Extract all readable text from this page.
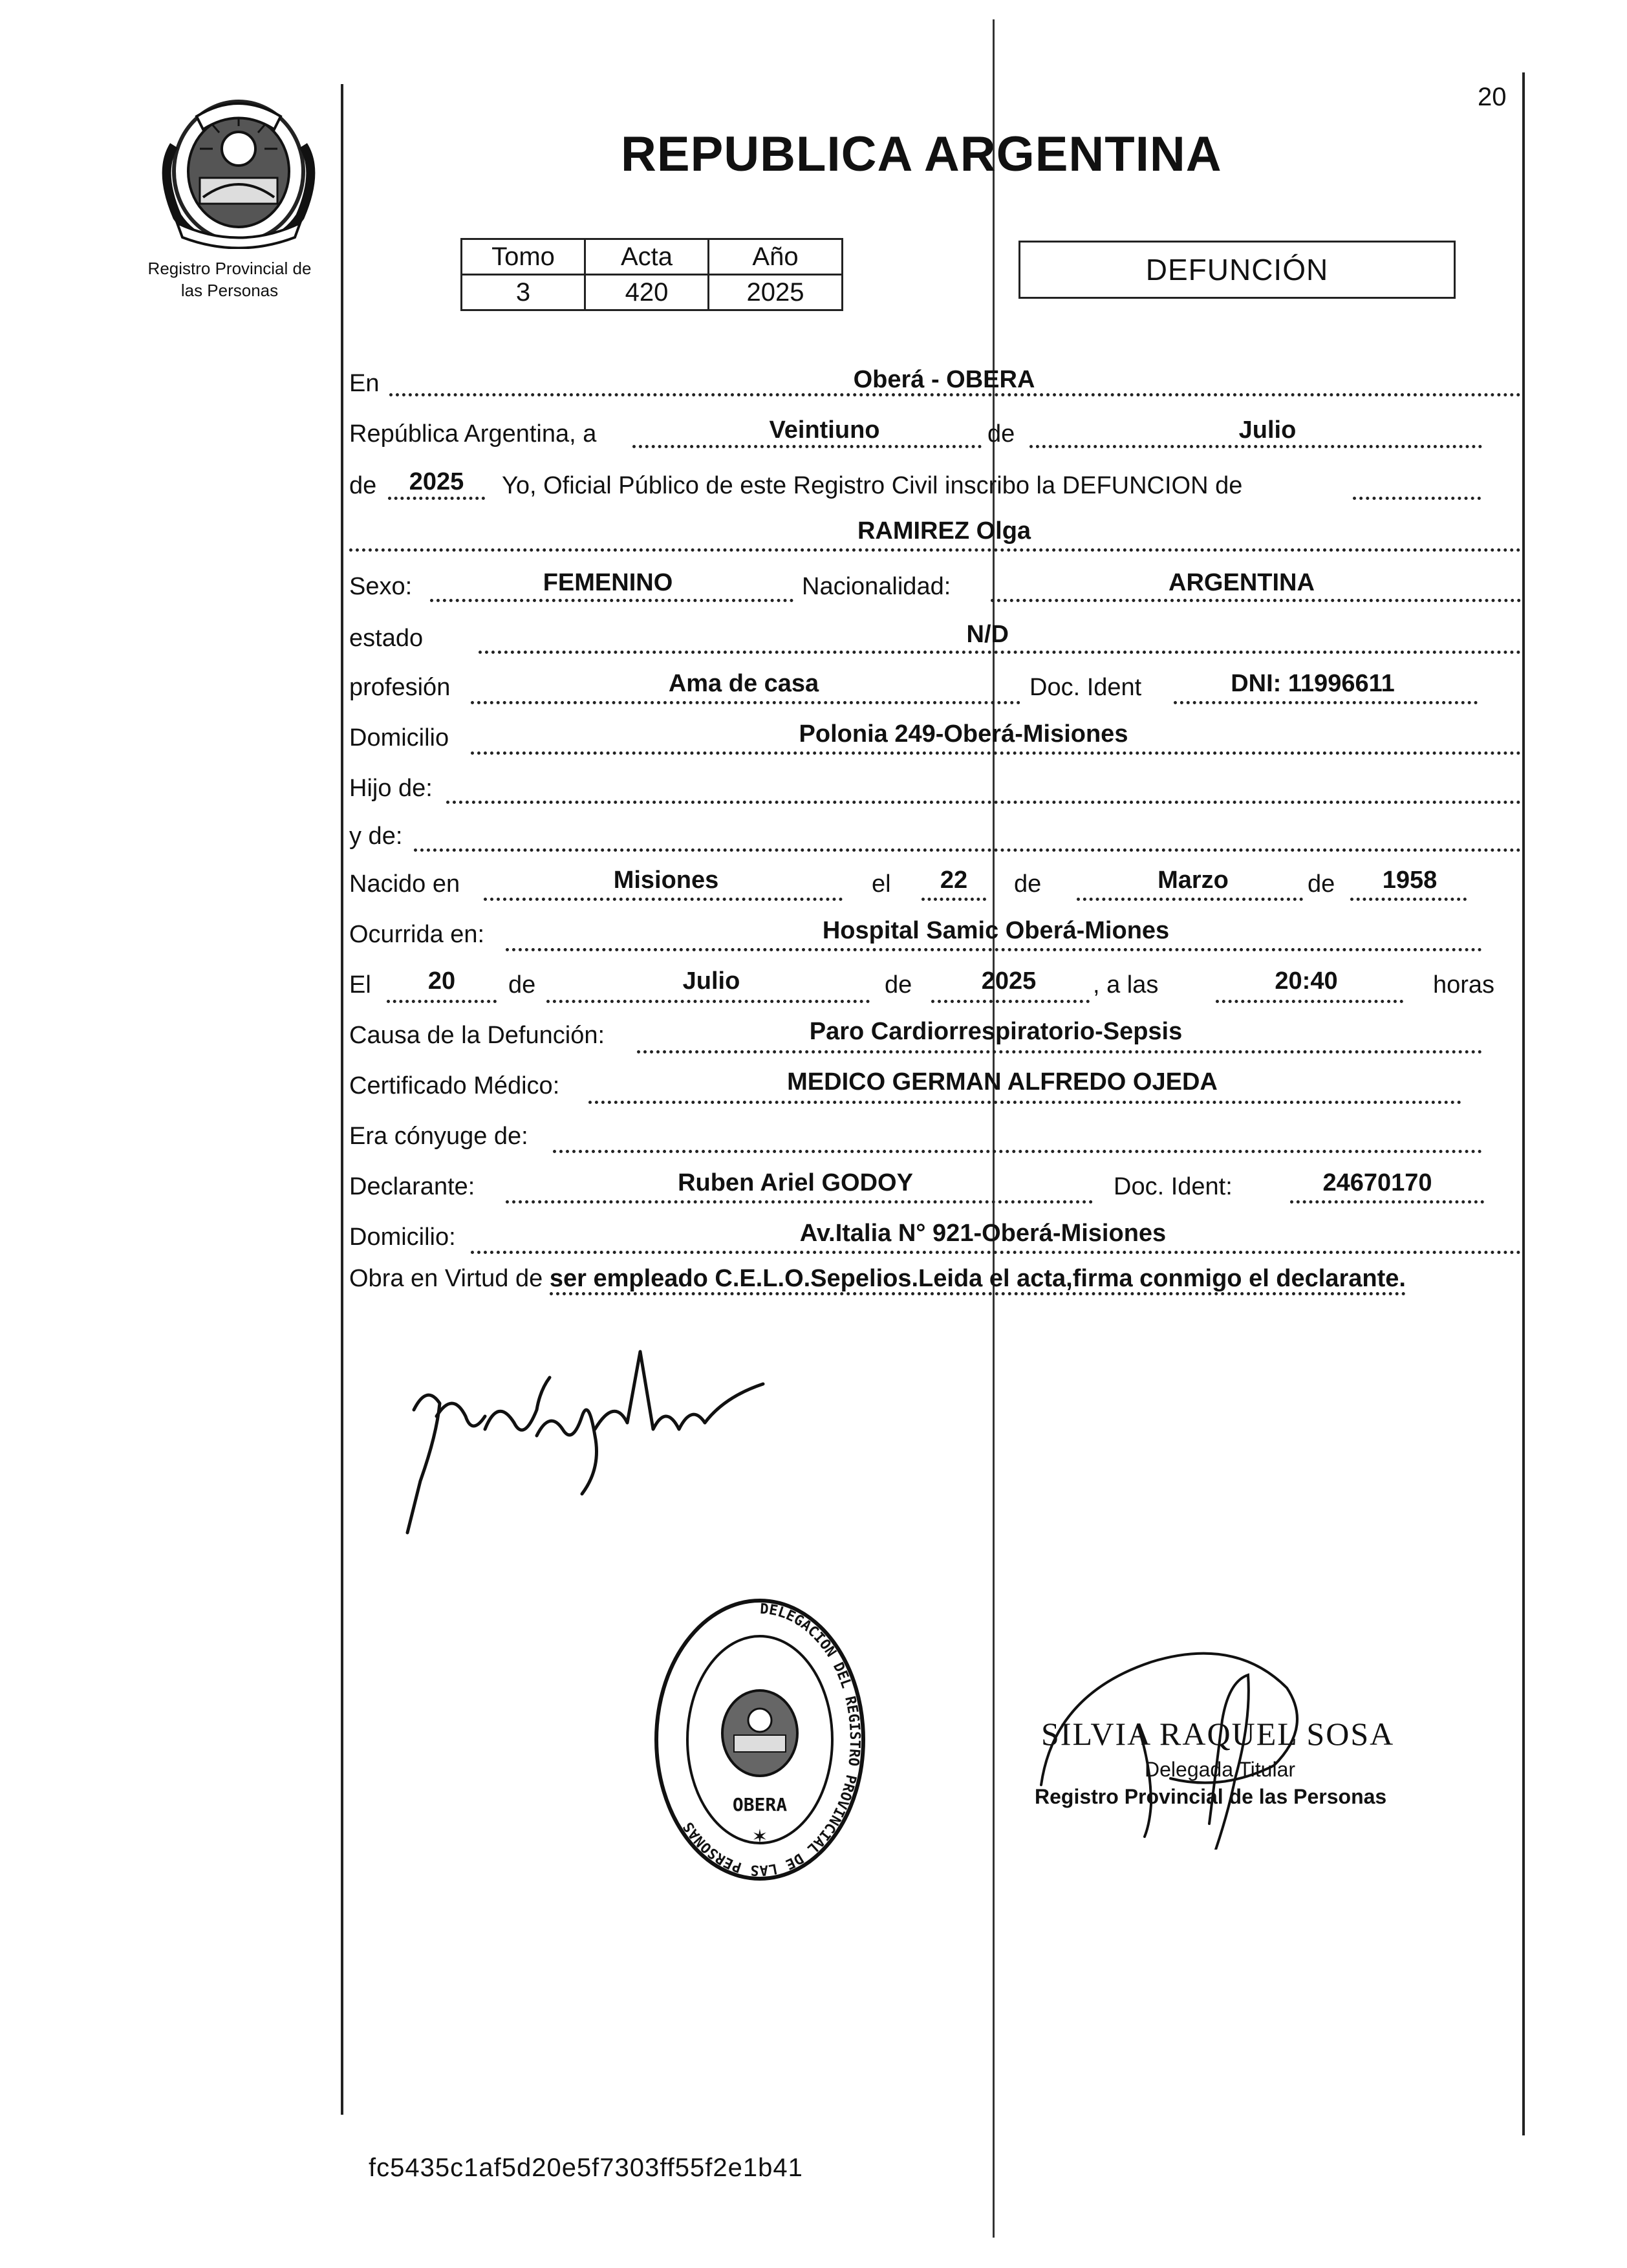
20
Registro Provincial de
las Personas
REPUBLICA ARGENTINA
Tomo	Acta	Año
3	420	2025
DEFUNCIÓN
En	Oberá - OBERA
República Argentina, a	Veintiuno	de	Julio
de	2025	Yo, Oficial Público de este Registro Civil inscribo la DEFUNCION de
RAMIREZ Olga
Sexo:	FEMENINO	Nacionalidad:	ARGENTINA
estado	N/D
profesión	Ama de casa	Doc. Ident	DNI: 11996611
Domicilio	Polonia 249-Oberá-Misiones
Hijo de:
y de:
Nacido en	Misiones	el	22	de	Marzo	de	1958
Ocurrida en:	Hospital Samic Oberá-Miones
El	20	de	Julio	de	2025	, a las	20:40	horas
Causa de la Defunción:	Paro Cardiorrespiratorio-Sepsis
Certificado Médico:	MEDICO GERMAN ALFREDO OJEDA
Era cónyuge de:
Declarante:	Ruben Ariel GODOY	Doc. Ident:	24670170
Domicilio:	Av.Italia N° 921-Oberá-Misiones
Obra en Virtud de ser empleado C.E.L.O.Sepelios.Leida el acta,firma conmigo el declarante.
DELEGACION DEL REGISTRO PROVINCIAL DE LAS PERSONAS
OBERA
✶
SILVIA RAQUEL SOSA
Delegada Titular
Registro Provincial de las Personas
fc5435c1af5d20e5f7303ff55f2e1b41
